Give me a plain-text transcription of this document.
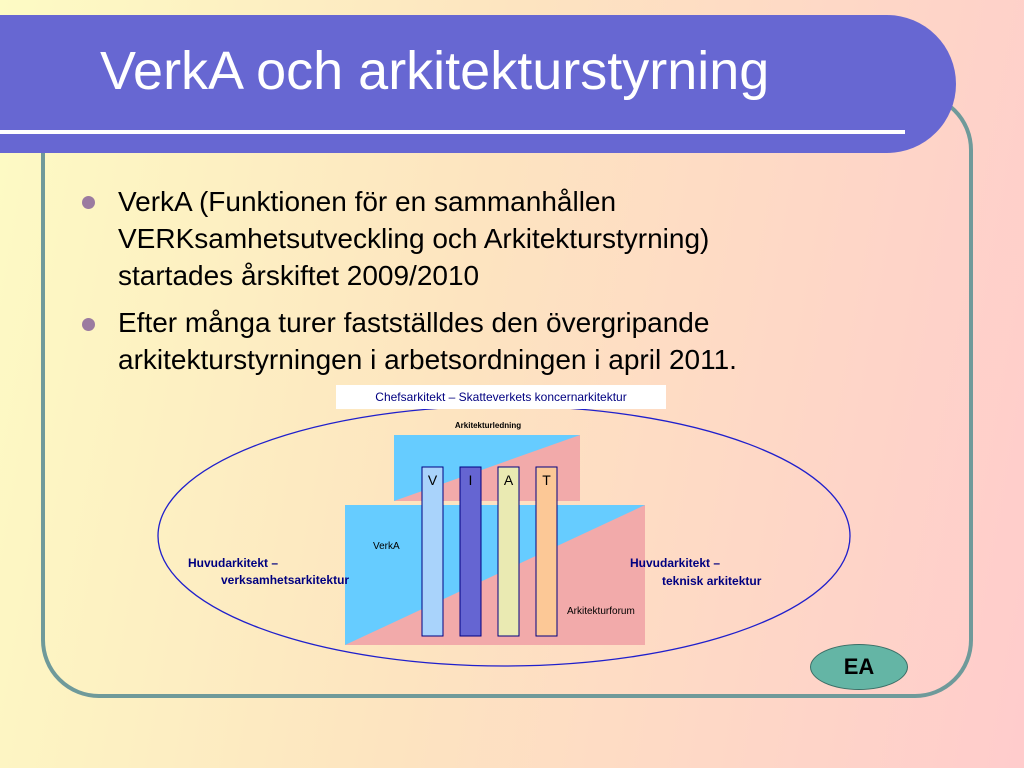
VerkA och arkitekturstyrning
VerkA (Funktionen för en sammanhållen
VERKsamhetsutveckling och Arkitekturstyrning)
startades årskiftet 2009/2010
Efter många turer fastställdes den övergripande
arkitekturstyrningen i arbetsordningen i april 2011.
Chefsarkitekt – Skatteverkets koncernarkitektur
Arkitekturledning
V I A T
VerkA
Arkitekturforum
Huvudarkitekt –
verksamhetsarkitektur
Huvudarkitekt –
teknisk arkitektur
EA
